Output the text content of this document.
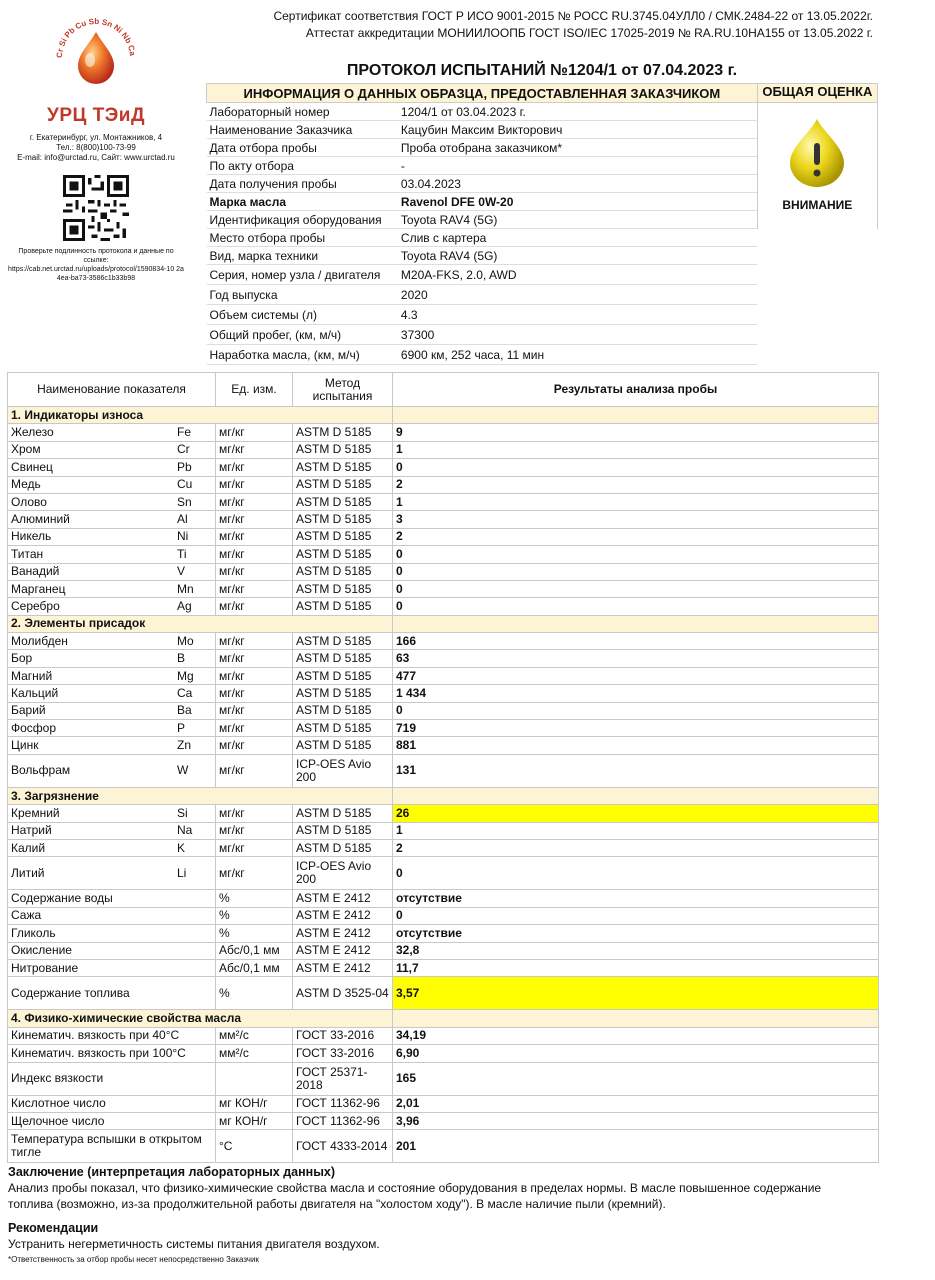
Сертификат соответствия ГОСТ Р ИСО 9001-2015 № РОСС RU.3745.04УЛЛ0 / СМК.2484-22 от 13.05.2022г.
Аттестат аккредитации МОНИИЛООПБ ГОСТ ISO/IEC 17025-2019 № RA.RU.10НА155 от 13.05.2022 г.
Cr Si Pb Cu Sb Sn Ni Nb Ca
УРЦ ТЭиД
г. Екатеринбург, ул. Монтажников, 4
Тел.: 8(800)100-73-99
E-mail: info@urctad.ru, Сайт: www.urctad.ru
Проверьте подлинность протокола и данные по ссылке:
https://cab.net.urctad.ru/uploads/protocol/1590834-10 2a 4ea-ba73-3586c1b33b98
ПРОТОКОЛ ИСПЫТАНИЙ №1204/1 от 07.04.2023 г.
ИНФОРМАЦИЯ О ДАННЫХ ОБРАЗЦА, ПРЕДОСТАВЛЕННАЯ ЗАКАЗЧИКОМ		ОБЩАЯ ОЦЕНКА
Лабораторный номер	1204/1 от 03.04.2023 г.	ВНИМАНИЕ

Наименование Заказчика	Кацубин Максим Викторович	
Дата отбора пробы	Проба отобрана заказчиком*	
По акту отбора	-	
Дата получения пробы	03.04.2023	
Марка масла	Ravenol DFE 0W-20	
Идентификация оборудования	Toyota RAV4 (5G)	
Место отбора пробы	Слив с картера	
Вид, марка техники	Toyota RAV4 (5G)	
Серия, номер узла / двигателя	M20A-FKS, 2.0, AWD	
Год выпуска	2020	
Объем системы (л)	4.3	
Общий пробег, (км, м/ч)	37300	
Наработка масла, (км, м/ч)	6900 км, 252 часа, 11 мин	
Наименование показателя		Ед. изм.	Метод испытания	Результаты анализа пробы
1. Индикаторы износа				
Железо	Fe	мг/кг	ASTM D 5185	9
Хром	Cr	мг/кг	ASTM D 5185	1
Свинец	Pb	мг/кг	ASTM D 5185	0
Медь	Cu	мг/кг	ASTM D 5185	2
Олово	Sn	мг/кг	ASTM D 5185	1
Алюминий	Al	мг/кг	ASTM D 5185	3
Никель	Ni	мг/кг	ASTM D 5185	2
Титан	Ti	мг/кг	ASTM D 5185	0
Ванадий	V	мг/кг	ASTM D 5185	0
Марганец	Mn	мг/кг	ASTM D 5185	0
Серебро	Ag	мг/кг	ASTM D 5185	0
2. Элементы присадок				
Молибден	Mo	мг/кг	ASTM D 5185	166
Бор	B	мг/кг	ASTM D 5185	63
Магний	Mg	мг/кг	ASTM D 5185	477
Кальций	Ca	мг/кг	ASTM D 5185	1 434
Барий	Ba	мг/кг	ASTM D 5185	0
Фосфор	P	мг/кг	ASTM D 5185	719
Цинк	Zn	мг/кг	ASTM D 5185	881
Вольфрам	W	мг/кг	ICP-OES Avio 200	131
3. Загрязнение				
Кремний	Si	мг/кг	ASTM D 5185	26
Натрий	Na	мг/кг	ASTM D 5185	1
Калий	K	мг/кг	ASTM D 5185	2
Литий	Li	мг/кг	ICP-OES Avio 200	0
Содержание воды		%	ASTM E 2412	отсутствие
Сажа		%	ASTM E 2412	0
Гликоль		%	ASTM E 2412	отсутствие
Окисление		Абс/0,1 мм	ASTM E 2412	32,8
Нитрование		Абс/0,1 мм	ASTM E 2412	11,7
Содержание топлива		%	ASTM D 3525-04	3,57
4. Физико-химические свойства масла				
Кинематич. вязкость при 40°C		мм²/с	ГОСТ 33-2016	34,19
Кинематич. вязкость при 100°C		мм²/с	ГОСТ 33-2016	6,90
Индекс вязкости			ГОСТ 25371-2018	165
Кислотное число		мг КОН/г	ГОСТ 11362-96	2,01
Щелочное число		мг КОН/г	ГОСТ 11362-96	3,96
Температура вспышки в открытом тигле		°C	ГОСТ 4333-2014	201
Заключение (интерпретация лабораторных данных)
Анализ пробы показал, что физико-химические свойства масла и состояние оборудования в пределах нормы. В масле повышенное содержание топлива (возможно, из-за продолжительной работы двигателя на "холостом ходу"). В масле наличие пыли (кремний).
Рекомендации
Устранить негерметичность системы питания двигателя воздухом.
*Ответственность за отбор пробы несет непосредственно Заказчик
